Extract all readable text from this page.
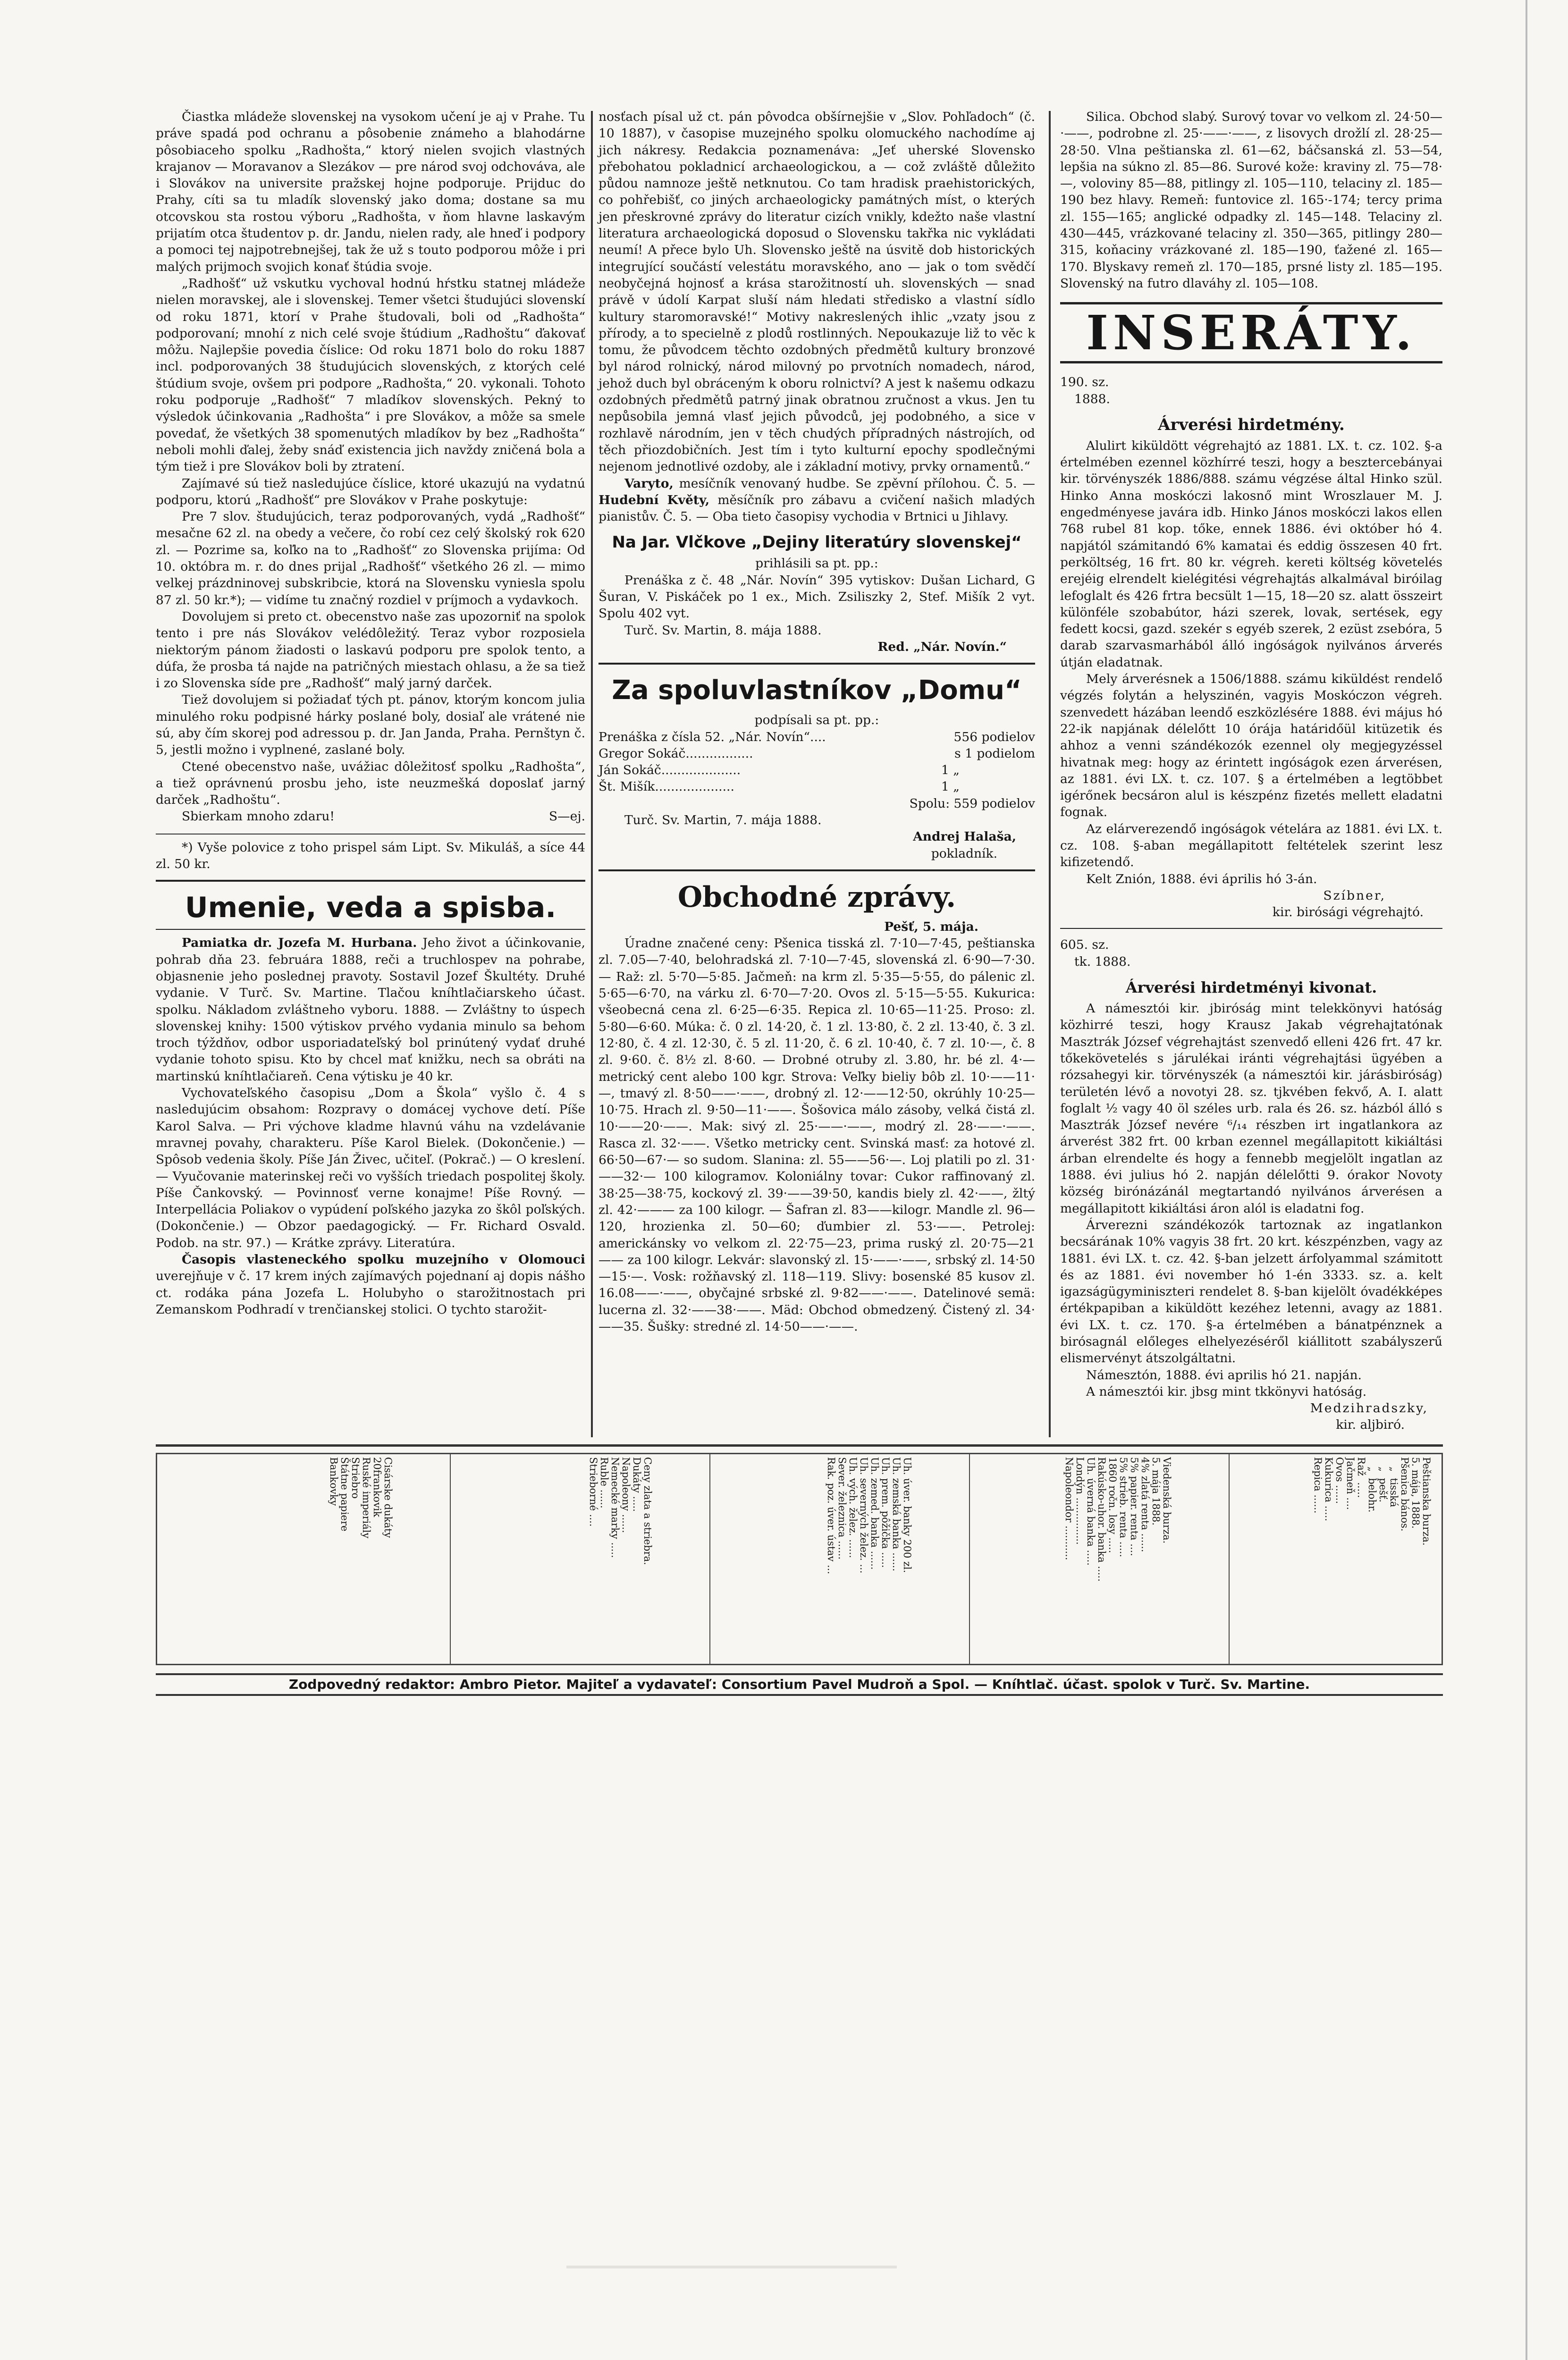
Čiastka mládeže slovenskej na vysokom učení je aj v Prahe. Tu práve spadá pod ochranu a pôsobenie známeho a blahodárne pôsobiaceho spolku „Radhošta,“ ktorý nielen svojich vlastných krajanov — Moravanov a Slezákov — pre národ svoj odchováva, ale i Slovákov na universite pražskej hojne podporuje. Prijduc do Prahy, cíti sa tu mladík slovenský jako doma; dostane sa mu otcovskou sta rostou výboru „Radhošta, v ňom hlavne laskavým prijatím otca študentov p. dr. Jandu, nielen rady, ale hneď i podpory a pomoci tej najpotrebnejšej, tak že už s touto podporou môže i pri malých prijmoch svojich konať štúdia svoje.

„Radhošť“ už vskutku vychoval hodnú hŕstku statnej mládeže nielen moravskej, ale i slovenskej. Temer všetci študujúci slovenskí od roku 1871, ktorí v Prahe študovali, boli od „Radhošta“ podporovaní; mnohí z nich celé svoje štúdium „Radhoštu“ ďakovať môžu. Najlepšie povedia číslice: Od roku 1871 bolo do roku 1887 incl. podporovaných 38 študujúcich slovenských, z ktorých celé štúdium svoje, ovšem pri podpore „Radhošta,“ 20. vykonali. Tohoto roku podporuje „Radhošť“ 7 mladíkov slovenských. Pekný to výsledok účinkovania „Radhošta“ i pre Slovákov, a môže sa smele povedať, že všetkých 38 spomenutých mladíkov by bez „Radhošta“ neboli mohli ďalej, žeby snáď existencia jich navždy zničená bola a tým tiež i pre Slovákov boli by ztratení.

Zajímavé sú tiež nasledujúce číslice, ktoré ukazujú na vydatnú podporu, ktorú „Radhošť“ pre Slovákov v Prahe poskytuje:

Pre 7 slov. študujúcich, teraz podporovaných, vydá „Radhošť“ mesačne 62 zl. na obedy a večere, čo robí cez celý školský rok 620 zl. — Pozrime sa, koľko na to „Radhošť“ zo Slovenska prijíma: Od 10. októbra m. r. do dnes prijal „Radhošť“ všetkého 26 zl. — mimo velkej prázdninovej subskribcie, ktorá na Slovensku vyniesla spolu 87 zl. 50 kr.*); — vidíme tu značný rozdiel v príjmoch a vydavkoch.

Dovolujem si preto ct. obecenstvo naše zas upozorniť na spolok tento i pre nás Slovákov velédôležitý. Teraz vybor rozposiela niektorým pánom žiadosti o laskavú podporu pre spolok tento, a dúfa, že prosba tá najde na patričných miestach ohlasu, a že sa tiež i zo Slovenska síde pre „Radhošť“ malý jarný darček.

Tiež dovolujem si požiadať tých pt. pánov, ktorým koncom julia minulého roku podpisné hárky poslané boly, dosiaľ ale vrátené nie sú, aby čím skorej pod adressou p. dr. Jan Janda, Praha. Pernštyn č. 5, jestli možno i vyplnené, zaslané boly.

Ctené obecenstvo naše, uvážiac dôležitosť spolku „Radhošta“, a tiež oprávnenú prosbu jeho, iste neuzmešká doposlať jarný darček „Radhoštu“.

Sbierkam mnoho zdaru!	S—ej.

*) Vyše polovice z toho prispel sám Lipt. Sv. Mikuláš, a síce 44 zl. 50 kr.

Umenie, veda a spisba.

Pamiatka dr. Jozefa M. Hurbana. Jeho život a účinkovanie, pohrab dňa 23. februára 1888, reči a truchlospev na pohrabe, objasnenie jeho poslednej pravoty. Sostavil Jozef Škultéty. Druhé vydanie. V Turč. Sv. Martine. Tlačou kníhtlačiarskeho účast. spolku. Nákladom zvláštneho vyboru. 1888. — Zvláštny to úspech slovenskej knihy: 1500 výtiskov prvého vydania minulo sa behom troch týždňov, odbor usporiadateľský bol prinútený vydať druhé vydanie tohoto spisu. Kto by chcel mať knižku, nech sa obráti na martinskú kníhtlačiareň. Cena výtisku je 40 kr.

Vychovateľského časopisu „Dom a Škola“ vyšlo č. 4 s nasledujúcim obsahom: Rozpravy o domácej vychove detí. Píše Karol Salva. — Pri výchove kladme hlavnú váhu na vzdelávanie mravnej povahy, charakteru. Píše Karol Bielek. (Dokončenie.) — Spôsob vedenia školy. Píše Ján Živec, učiteľ. (Pokrač.) — O kreslení. — Vyučovanie materinskej reči vo vyšších triedach pospolitej školy. Píše Čankovský. — Povinnosť verne konajme! Píše Rovný. — Interpellácia Poliakov o vypúdení poľského jazyka zo škôl poľských. (Dokončenie.) — Obzor paedagogický. — Fr. Richard Osvald. Podob. na str. 97.) — Krátke zprávy. Literatúra.

Časopis vlasteneckého spolku muzejního v Olomouci uverejňuje v č. 17 krem iných zajímavých pojednaní aj dopis nášho ct. rodáka pána Jozefa L. Holubyho o starožitnostach pri Zemanskom Podhradí v trenčianskej stolici. O tychto starožit-

nosťach písal už ct. pán pôvodca obšírnejšie v „Slov. Pohľadoch“ (č. 10 1887), v časopise muzejného spolku olomuckého nachodíme aj jich nákresy. Redakcia poznamenáva: „Jeť uherské Slovensko přebohatou pokladnicí archaeologickou, a — což zvláště důležito půdou namnoze ještě netknutou. Co tam hradisk praehistorických, co pohřebišť, co jiných archaeologicky památných míst, o kterých jen přeskrovné zprávy do literatur cizích vnikly, kdežto naše vlastní literatura archaeologická doposud o Slovensku takřka nic vykládati neumí! A přece bylo Uh. Slovensko ještě na úsvitě dob historických integrující součástí velestátu moravského, ano — jak o tom svědčí neobyčejná hojnosť a krása starožitností uh. slovenských — snad právě v údolí Karpat sluší nám hledati středisko a vlastní sídlo kultury staromoravské!“ Motivy nakreslených ihlic „vzaty jsou z přírody, a to specielně z plodů rostlinných. Nepoukazuje liž to věc k tomu, že původcem těchto ozdobných předmětů kultury bronzové byl národ rolnický, národ milovný po prvotních nomadech, národ, jehož duch byl obráceným k oboru rolnictví? A jest k našemu odkazu ozdobných předmětů patrný jinak obratnou zručnost a vkus. Jen tu nepůsobila jemná vlasť jejich původců, jej podobného, a sice v rozhlavě národním, jen v těch chudých přípradných nástrojích, od těch přiozdobičních. Jest tím i tyto kulturní epochy spodlečnými nejenom jednotlivé ozdoby, ale i základní motivy, prvky ornamentů.“

Varyto, mesíčník venovaný hudbe. Se zpěvní přílohou. Č. 5. — Hudební Květy, měsíčník pro zábavu a cvičení našich mladých pianistův. Č. 5. — Oba tieto časopisy vychodia v Brtnici u Jihlavy.

Na Jar. Vlčkove „Dejiny literatúry slovenskej“

prihlásili sa pt. pp.:

Prenáška z č. 48 „Nár. Novín“ 395 vytiskov: Dušan Lichard, G Šuran, V. Piskáček po 1 ex., Mich. Zsiliszky 2, Stef. Mišík 2 vyt. Spolu 402 vyt.

Turč. Sv. Martin, 8. mája 1888.

Red. „Nár. Novín.“

Za spoluvlastníkov „Domu“

podpísali sa pt. pp.:

Prenáška z čísla 52. „Nár. Novín“....	556 podielov
Gregor Sokáč.................	s 1 podielom
Ján Sokáč....................	1 „
Št. Mišík....................	1 „

Spolu: 559 podielov

Turč. Sv. Martin, 7. mája 1888.

Andrej Halaša,

pokladník.

Obchodné zprávy.

Pešť, 5. mája.

Úradne značené ceny: Pšenica tisská zl. 7·10—7·45, peštianska zl. 7.05—7·40, belohradská zl. 7·10—7·45, slovenská zl. 6·90—7·30. — Raž: zl. 5·70—5·85. Jačmeň: na krm zl. 5·35—5·55, do pálenic zl. 5·65—6·70, na várku zl. 6·70—7·20. Ovos zl. 5·15—5·55. Kukurica: všeobecná cena zl. 6·25—6·35. Repica zl. 10·65—11·25. Proso: zl. 5·80—6·60. Múka: č. 0 zl. 14·20, č. 1 zl. 13·80, č. 2 zl. 13·40, č. 3 zl. 12·80, č. 4 zl. 12·30, č. 5 zl. 11·20, č. 6 zl. 10·40, č. 7 zl. 10·—, č. 8 zl. 9·60. č. 8½ zl. 8·60. — Drobné otruby zl. 3.80, hr. bé zl. 4·— metrický cent alebo 100 kgr. Strova: Veľky bieliy bôb zl. 10·——11·—, tmavý zl. 8·50——·——, drobný zl. 12·——12·50, okrúhly 10·25—10·75. Hrach zl. 9·50—11·——. Šošovica málo zásoby, velká čistá zl. 10·——20·——. Mak: sivý zl. 25·——·——, modrý zl. 28·——·——. Rasca zl. 32·——. Všetko metricky cent. Svinská masť: za hotové zl. 66·50—67·— so sudom. Slanina: zl. 55——56·—. Loj platili po zl. 31·——32·— 100 kilogramov. Koloniálny tovar: Cukor raffinovaný zl. 38·25—38·75, kockový zl. 39·——39·50, kandis biely zl. 42·——, žltý zl. 42·——— za 100 kilogr. — Šafran zl. 83——kilogr. Mandle zl. 96—120, hrozienka zl. 50—60; ďumbier zl. 53·——. Petrolej: americkánsky vo velkom zl. 22·75—23, prima ruský zl. 20·75—21—— za 100 kilogr. Lekvár: slavonský zl. 15·——·——, srbský zl. 14·50—15·—. Vosk: rožňavský zl. 118—119. Slivy: bosenské 85 kusov zl. 16.08——·——, obyčajné srbské zl. 9·82——·——. Datelinové semä: lucerna zl. 32·——38·——. Mäd: Obchod obmedzený. Čistený zl. 34·——35. Šušky: stredné zl. 14·50——·——.

Silica. Obchod slabý. Surový tovar vo velkom zl. 24·50—·——, podrobne zl. 25·——·——, z lisovych drožlí zl. 28·25—28·50. Vlna peštianska zl. 61—62, báčsanská zl. 53—54, lepšia na súkno zl. 85—86. Surové kože: kraviny zl. 75—78·—, voloviny 85—88, pitlingy zl. 105—110, telaciny zl. 185—190 bez hlavy. Remeň: funtovice zl. 165·-174; tercy prima zl. 155—165; anglické odpadky zl. 145—148. Telaciny zl. 430—445, vrázkované telaciny zl. 350—365, pitlingy 280—315, koňaciny vrázkované zl. 185—190, ťažené zl. 165—170. Blyskavy remeň zl. 170—185, prsné listy zl. 185—195. Slovenský na futro dlaváhy zl. 105—108.

INSERÁTY.

190. sz.

1888.

Árverési hirdetmény.

Alulirt kiküldött végrehajtó az 1881. LX. t. cz. 102. §-a értelmében ezennel közhírré teszi, hogy a besztercebányai kir. törvényszék 1886/888. számu végzése által Hinko szül. Hinko Anna moskóczi lakosnő mint Wroszlauer M. J. engedményese javára idb. Hinko János moskóczi lakos ellen 768 rubel 81 kop. tőke, ennek 1886. évi október hó 4. napjától számitandó 6% kamatai és eddig összesen 40 frt. perköltség, 16 frt. 80 kr. végreh. kereti költség követelés erejéig elrendelt kielégitési végrehajtás alkalmával biróilag lefoglalt és 426 frtra becsült 1—15, 18—20 sz. alatt összeirt különféle szobabútor, házi szerek, lovak, sertések, egy fedett kocsi, gazd. szekér s egyéb szerek, 2 ezüst zsebóra, 5 darab szarvasmarhából álló ingóságok nyilvános árverés útján eladatnak.

Mely árverésnek a 1506/1888. számu kiküldést rendelő végzés folytán a helyszinén, vagyis Moskóczon végreh. szenvedett házában leendő eszközlésére 1888. évi május hó 22-ik napjának délelőtt 10 órája határidőül kitüzetik és ahhoz a venni szándékozók ezennel oly megjegyzéssel hivatnak meg: hogy az érintett ingóságok ezen árverésen, az 1881. évi LX. t. cz. 107. § a értelmében a legtöbbet igérőnek becsáron alul is készpénz fizetés mellett eladatni fognak.

Az elárverezendő ingóságok vételára az 1881. évi LX. t. cz. 108. §-aban megállapitott feltételek szerint lesz kifizetendő.

Kelt Znión, 1888. évi április hó 3-án.

Szíbner,

kir. birósági végrehajtó.

605. sz.

tk. 1888.

Árverési hirdetményi kivonat.

A námesztói kir. jbiróság mint telekkönyvi hatóság közhirré teszi, hogy Krausz Jakab végrehajtatónak Masztrák József végrehajtást szenvedő elleni 426 frt. 47 kr. tőkekövetelés s járulékai iránti végrehajtási ügyében a rózsahegyi kir. törvényszék (a námesztói kir. járásbiróság) területén lévő a novotyi 28. sz. tjkvében fekvő, A. I. alatt foglalt ½ vagy 40 öl széles urb. rala és 26. sz. házból álló s Masztrák József nevére ⁶/₁₄ részben irt ingatlankora az árverést 382 frt. 00 krban ezennel megállapitott kikiáltási árban elrendelte és hogy a fennebb megjelölt ingatlan az 1888. évi julius hó 2. napján délelőtti 9. órakor Novoty község birónázánál megtartandó nyilvános árverésen a megállapitott kikiáltási áron alól is eladatni fog.

Árverezni szándékozók tartoznak az ingatlankon becsárának 10% vagyis 38 frt. 20 krt. készpénzben, vagy az 1881. évi LX. t. cz. 42. §-ban jelzett árfolyammal számitott és az 1881. évi november hó 1-én 3333. sz. a. kelt igazságügyminiszteri rendelet 8. §-ban kijelölt óvadékképes értékpapiban a kiküldött kezéhez letenni, avagy az 1881. évi LX. t. cz. 170. §-a értelmében a bánatpénznek a birósagnál előleges elhelyezéséről kiállitott szabályszerű elismervényt átszolgáltatni.

Námesztón, 1888. évi aprilis hó 21. napján.

A námesztói kir. jbsg mint tkkönyvi hatóság.

Medzihradszky,

kir. aljbiró.

Peštianska burza.
5. mája, 1888.
Pšenica bános.
„  tisská
„  pešť.
„  belohr.
Raž  .....
Jačmeň ....
Ovos ......
Kukurica .....
Repica ......
Viedenská burza.
5. mája 1888.
4% zlatá renta ......
5% papier. renta ....
5% strieb. renta .....
1860 ročn. losy .....
Rakúsko-uhor. banka .....
Uh. úverná banka .....
Londýn ...............
Napoleondor ...........
Uh. úver. banky 200 zl.
Uh. zemská banka ......
Uh. prem. pôžička .....
Uh. zemed. banka ......
Uh. severných želez. ...
Uh. vých. želez. ......
Sever. železnica ......
Rak. poz. úver. ústav ...
Ceny zlata a striebra.
Dukáty .....
Napoleony ......
Nemecké marky .....
Ruble ......
Strieborné ....
Cisárske dukáty
20frankovik
Ruské imperiály
Striebro
Štátne papiere
Bankovky
Zodpovedný redaktor: Ambro Pietor. Majiteľ a vydavateľ: Consortium Pavel Mudroň a Spol. — Kníhtlač. účast. spolok v Turč. Sv. Martine.
